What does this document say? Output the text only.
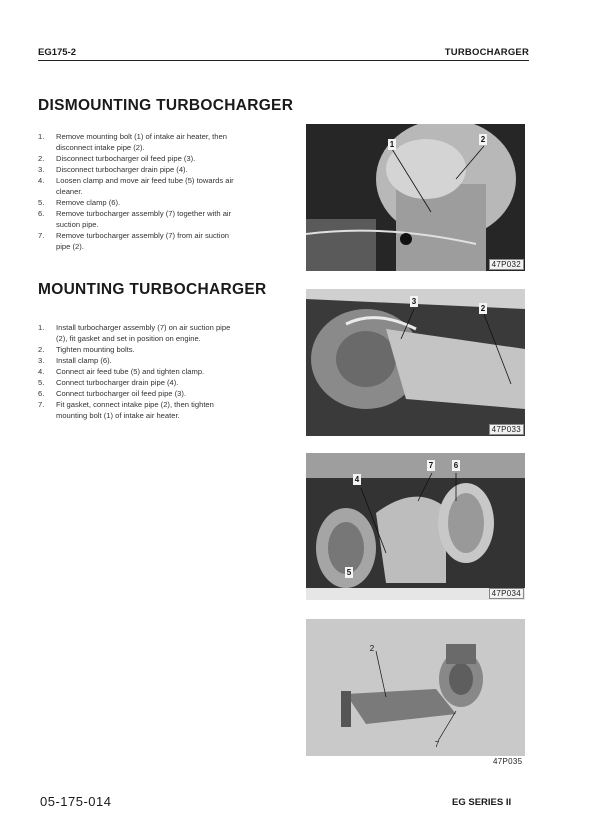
EG175-2	TURBOCHARGER
DISMOUNTING TURBOCHARGER
1. Remove mounting bolt (1) of intake air heater, then
disconnect intake pipe (2).
2. Disconnect turbocharger oil feed pipe (3).
3. Disconnect turbocharger drain pipe (4).
4. Loosen clamp and move air feed tube (5) towards air
cleaner.
5. Remove clamp (6).
6. Remove turbocharger assembly (7) together with air
suction pipe.
7. Remove turbocharger assembly (7) from air suction
pipe (2).
MOUNTING TURBOCHARGER
1. Install turbocharger assembly (7) on air suction pipe
(2), fit gasket and set in position on engine.
2. Tighten mounting bolts.
3. Install clamp (6).
4. Connect air feed tube (5) and tighten clamp.
5. Connect turbocharger drain pipe (4).
6. Connect turbocharger oil feed pipe (3).
7. Fit gasket, connect intake pipe (2), then tighten
mounting bolt (1) of intake air heater.
1
2
47P032
3
2
47P033
7	6
4
5
47P034
2
7
47P035
05-175-014	EG SERIES II
